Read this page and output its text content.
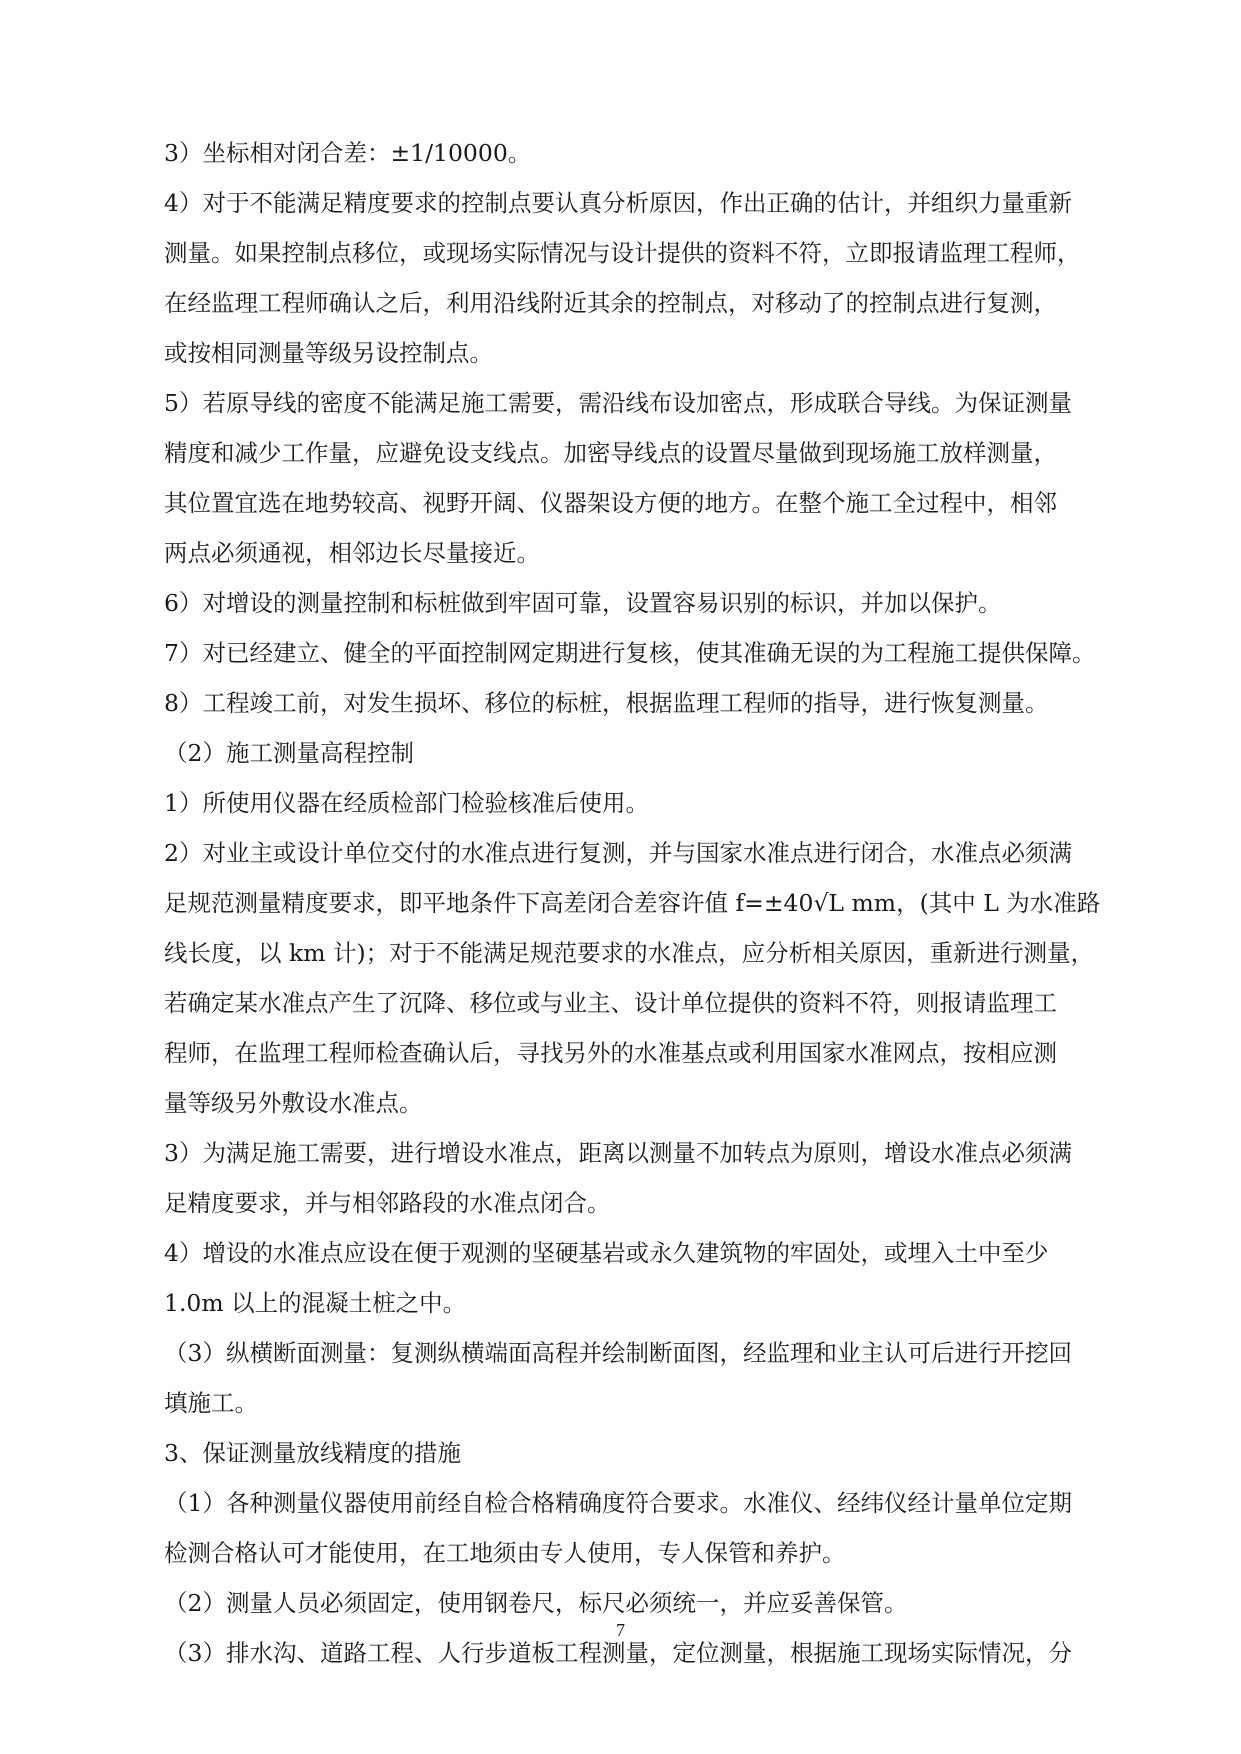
3）坐标相对闭合差：±1/10000。
4）对于不能满足精度要求的控制点要认真分析原因，作出正确的估计，并组织力量重新
测量。如果控制点移位，或现场实际情况与设计提供的资料不符，立即报请监理工程师，
在经监理工程师确认之后，利用沿线附近其余的控制点，对移动了的控制点进行复测，
或按相同测量等级另设控制点。
5）若原导线的密度不能满足施工需要，需沿线布设加密点，形成联合导线。为保证测量
精度和减少工作量，应避免设支线点。加密导线点的设置尽量做到现场施工放样测量，
其位置宜选在地势较高、视野开阔、仪器架设方便的地方。在整个施工全过程中，相邻
两点必须通视，相邻边长尽量接近。
6）对增设的测量控制和标桩做到牢固可靠，设置容易识别的标识，并加以保护。
7）对已经建立、健全的平面控制网定期进行复核，使其准确无误的为工程施工提供保障。
8）工程竣工前，对发生损坏、移位的标桩，根据监理工程师的指导，进行恢复测量。
（2）施工测量高程控制
1）所使用仪器在经质检部门检验核准后使用。
2）对业主或设计单位交付的水准点进行复测，并与国家水准点进行闭合，水准点必须满
足规范测量精度要求，即平地条件下高差闭合差容许值 f=±40√L mm，(其中 L 为水准路
线长度，以 km 计)；对于不能满足规范要求的水准点，应分析相关原因，重新进行测量，
若确定某水准点产生了沉降、移位或与业主、设计单位提供的资料不符，则报请监理工
程师，在监理工程师检查确认后，寻找另外的水准基点或利用国家水准网点，按相应测
量等级另外敷设水准点。
3）为满足施工需要，进行增设水准点，距离以测量不加转点为原则，增设水准点必须满
足精度要求，并与相邻路段的水准点闭合。
4）增设的水准点应设在便于观测的坚硬基岩或永久建筑物的牢固处，或埋入土中至少
1.0m 以上的混凝土桩之中。
（3）纵横断面测量：复测纵横端面高程并绘制断面图，经监理和业主认可后进行开挖回
填施工。
3、保证测量放线精度的措施
（1）各种测量仪器使用前经自检合格精确度符合要求。水准仪、经纬仪经计量单位定期
检测合格认可才能使用，在工地须由专人使用，专人保管和养护。
（2）测量人员必须固定，使用钢卷尺，标尺必须统一，并应妥善保管。
（3）排水沟、道路工程、人行步道板工程测量，定位测量，根据施工现场实际情况，分
7
